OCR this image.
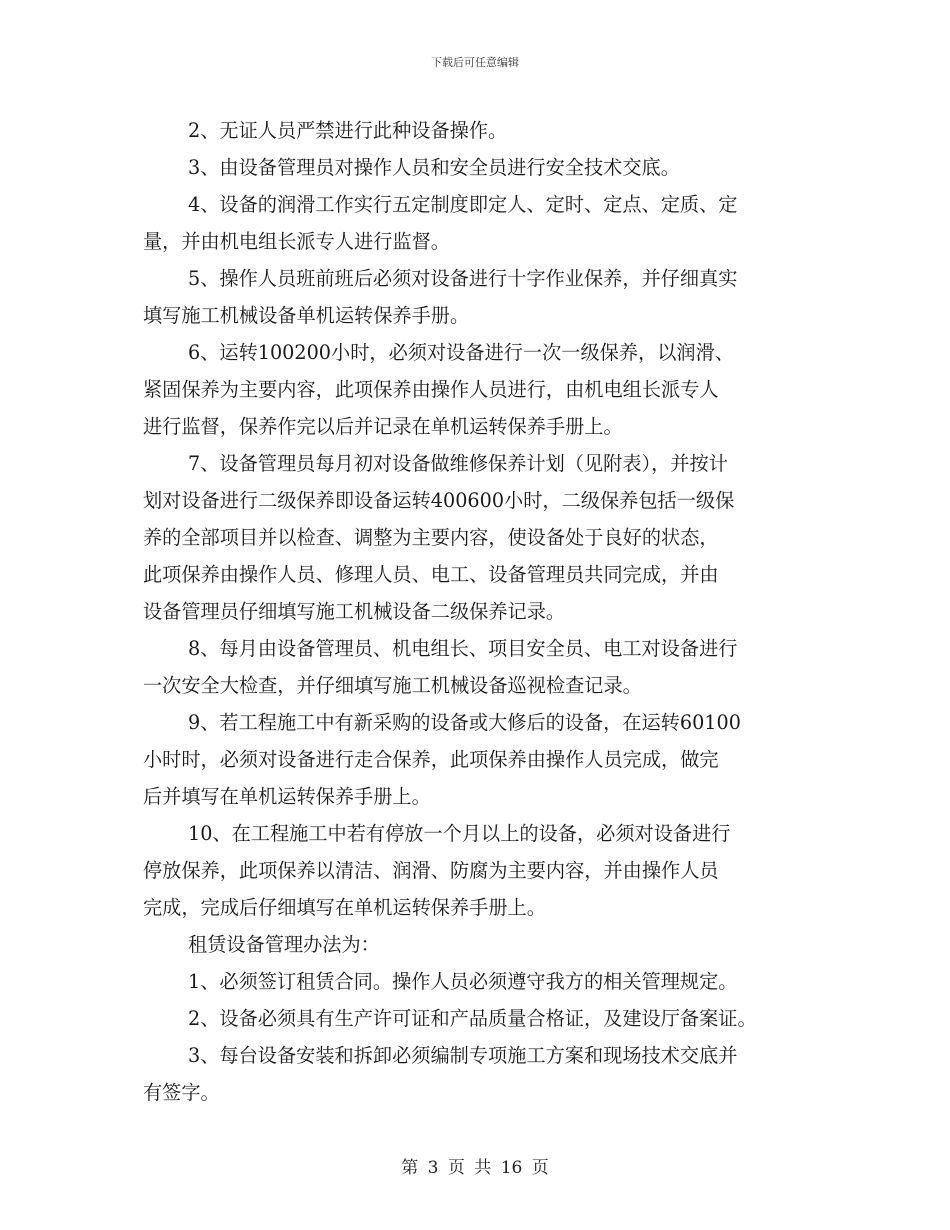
下载后可任意编辑
2、无证人员严禁进行此种设备操作。
3、由设备管理员对操作人员和安全员进行安全技术交底。
4、设备的润滑工作实行五定制度即定人、定时、定点、定质、定
量，并由机电组长派专人进行监督。
5、操作人员班前班后必须对设备进行十字作业保养，并仔细真实
填写施工机械设备单机运转保养手册。
6、运转100200小时，必须对设备进行一次一级保养，以润滑、
紧固保养为主要内容，此项保养由操作人员进行，由机电组长派专人
进行监督，保养作完以后并记录在单机运转保养手册上。
7、设备管理员每月初对设备做维修保养计划（见附表），并按计
划对设备进行二级保养即设备运转400600小时，二级保养包括一级保
养的全部项目并以检查、调整为主要内容，使设备处于良好的状态，
此项保养由操作人员、修理人员、电工、设备管理员共同完成，并由
设备管理员仔细填写施工机械设备二级保养记录。
8、每月由设备管理员、机电组长、项目安全员、电工对设备进行
一次安全大检查，并仔细填写施工机械设备巡视检查记录。
9、若工程施工中有新采购的设备或大修后的设备，在运转60100
小时时，必须对设备进行走合保养，此项保养由操作人员完成，做完
后并填写在单机运转保养手册上。
10、在工程施工中若有停放一个月以上的设备，必须对设备进行
停放保养，此项保养以清洁、润滑、防腐为主要内容，并由操作人员
完成，完成后仔细填写在单机运转保养手册上。
租赁设备管理办法为：
1、必须签订租赁合同。操作人员必须遵守我方的相关管理规定。
2、设备必须具有生产许可证和产品质量合格证，及建设厅备案证。
3、每台设备安装和拆卸必须编制专项施工方案和现场技术交底并
有签字。
第 3 页 共 16 页
